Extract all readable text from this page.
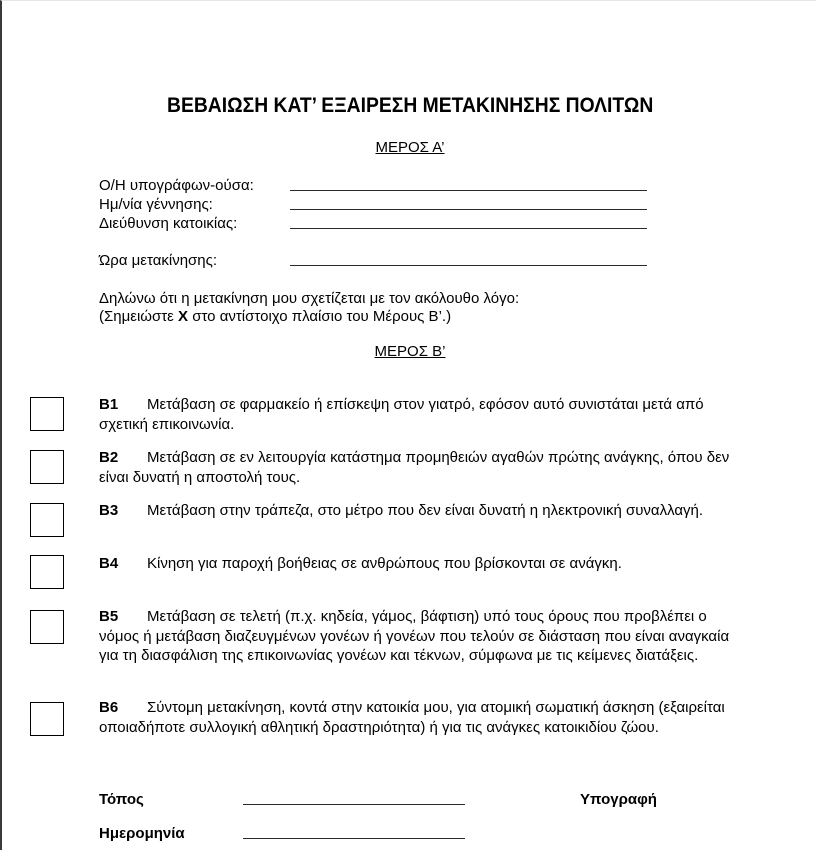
ΒΕΒΑΙΩΣΗ ΚΑΤ’ ΕΞΑΙΡΕΣΗ ΜΕΤΑΚΙΝΗΣΗΣ ΠΟΛΙΤΩΝ
ΜΕΡΟΣ Α’
Ο/Η υπογράφων-ούσα:
Ημ/νία γέννησης:
Διεύθυνση κατοικίας:
Ώρα μετακίνησης:
Δηλώνω ότι η μετακίνηση μου σχετίζεται με τον ακόλουθο λόγο:
(Σημειώστε X στο αντίστοιχο πλαίσιο του Μέρους Β’.)
ΜΕΡΟΣ Β’
B1 Μετάβαση σε φαρμακείο ή επίσκεψη στον γιατρό, εφόσον αυτό συνιστάται μετά από σχετική επικοινωνία.
B2 Μετάβαση σε εν λειτουργία κατάστημα προμηθειών αγαθών πρώτης ανάγκης, όπου δεν είναι δυνατή η αποστολή τους.
B3 Μετάβαση στην τράπεζα, στο μέτρο που δεν είναι δυνατή η ηλεκτρονική συναλλαγή.
B4 Κίνηση για παροχή βοήθειας σε ανθρώπους που βρίσκονται σε ανάγκη.
B5 Μετάβαση σε τελετή (π.χ. κηδεία, γάμος, βάφτιση) υπό τους όρους που προβλέπει ο νόμος ή μετάβαση διαζευγμένων γονέων ή γονέων που τελούν σε διάσταση που είναι αναγκαία για τη διασφάλιση της επικοινωνίας γονέων και τέκνων, σύμφωνα με τις κείμενες διατάξεις.
B6 Σύντομη μετακίνηση, κοντά στην κατοικία μου, για ατομική σωματική άσκηση (εξαιρείται οποιαδήποτε συλλογική αθλητική δραστηριότητα) ή για τις ανάγκες κατοικιδίου ζώου.
Τόπος	Υπογραφή
Ημερομηνία
